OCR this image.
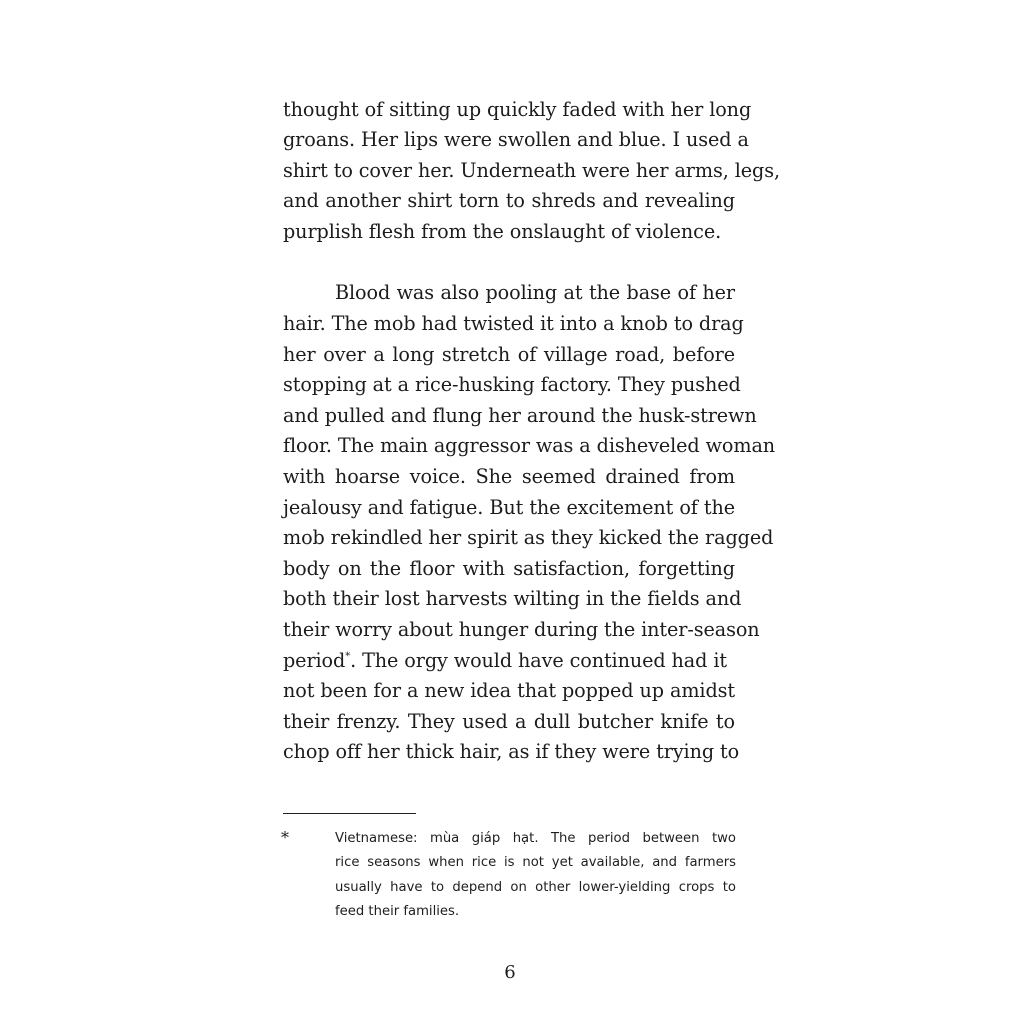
thought of sitting up quickly faded with her long
groans. Her lips were swollen and blue. I used a
shirt to cover her. Underneath were her arms, legs,
and another shirt torn to shreds and revealing
purplish flesh from the onslaught of violence.
Blood was also pooling at the base of her
hair. The mob had twisted it into a knob to drag
her over a long stretch of village road, before
stopping at a rice-husking factory. They pushed
and pulled and flung her around the husk-strewn
floor. The main aggressor was a disheveled woman
with hoarse voice. She seemed drained from
jealousy and fatigue. But the excitement of the
mob rekindled her spirit as they kicked the ragged
body on the floor with satisfaction, forgetting
both their lost harvests wilting in the fields and
their worry about hunger during the inter-season
period*. The orgy would have continued had it
not been for a new idea that popped up amidst
their frenzy. They used a dull butcher knife to
chop off her thick hair, as if they were trying to
*	Vietnamese: mùa giáp hạt. The period between two
rice seasons when rice is not yet available, and farmers
usually have to depend on other lower-yielding crops to
feed their families.
6
